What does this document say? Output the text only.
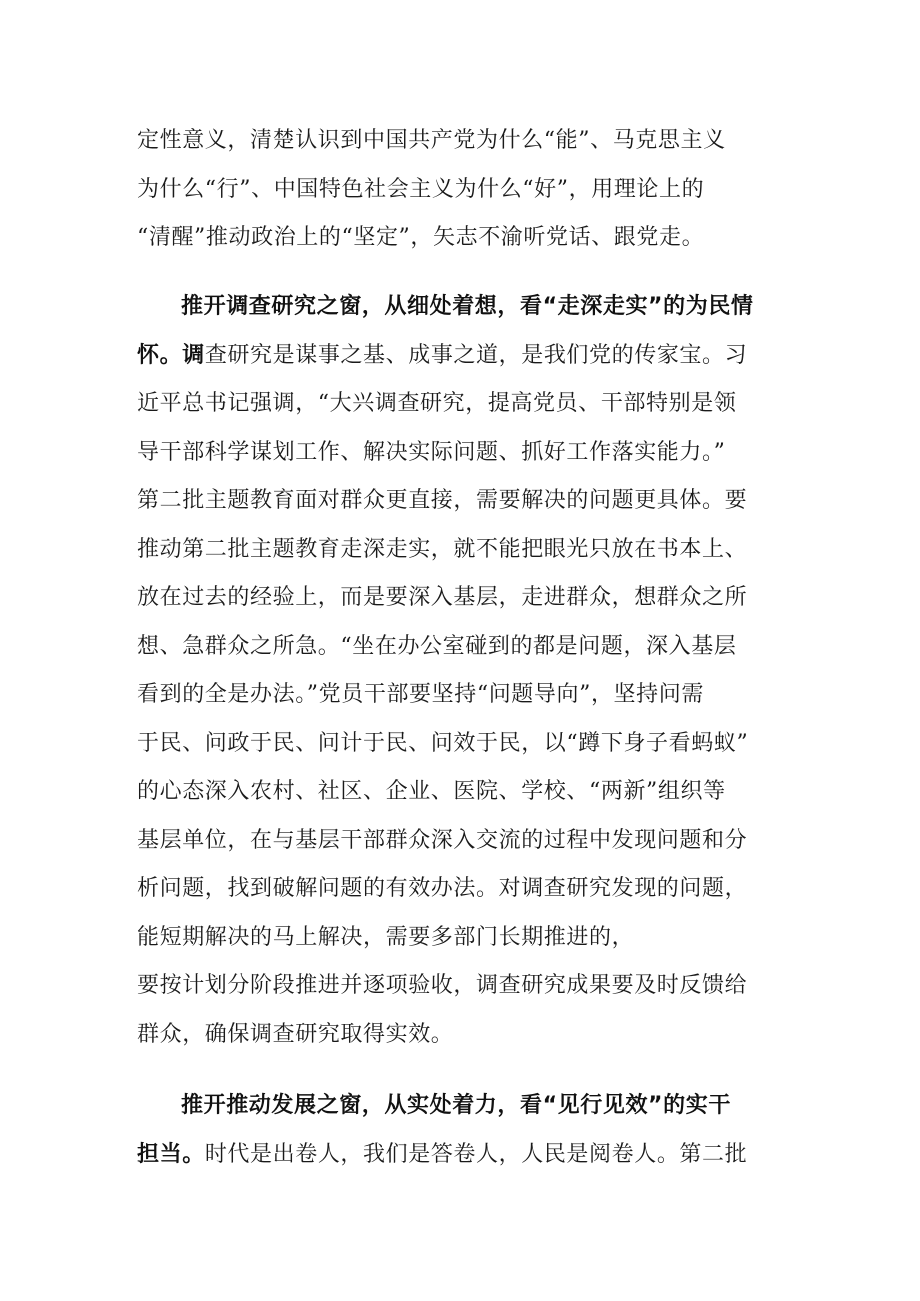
定性意义，清楚认识到中国共产党为什么“能”、马克思主义
为什么“行”、中国特色社会主义为什么“好”，用理论上的
“清醒”推动政治上的“坚定”，矢志不渝听党话、跟党走。
推开调查研究之窗，从细处着想，看“走深走实”的为民情
怀。调查研究是谋事之基、成事之道，是我们党的传家宝。习
近平总书记强调，“大兴调查研究，提高党员、干部特别是领
导干部科学谋划工作、解决实际问题、抓好工作落实能力。”
第二批主题教育面对群众更直接，需要解决的问题更具体。要
推动第二批主题教育走深走实，就不能把眼光只放在书本上、
放在过去的经验上，而是要深入基层，走进群众，想群众之所
想、急群众之所急。“坐在办公室碰到的都是问题，深入基层
看到的全是办法。”党员干部要坚持“问题导向”，坚持问需
于民、问政于民、问计于民、问效于民，以“蹲下身子看蚂蚁”
的心态深入农村、社区、企业、医院、学校、“两新”组织等
基层单位，在与基层干部群众深入交流的过程中发现问题和分
析问题，找到破解问题的有效办法。对调查研究发现的问题，
能短期解决的马上解决，需要多部门长期推进的，
要按计划分阶段推进并逐项验收，调查研究成果要及时反馈给
群众，确保调查研究取得实效。
推开推动发展之窗，从实处着力，看“见行见效”的实干
担当。时代是出卷人，我们是答卷人，人民是阅卷人。第二批
